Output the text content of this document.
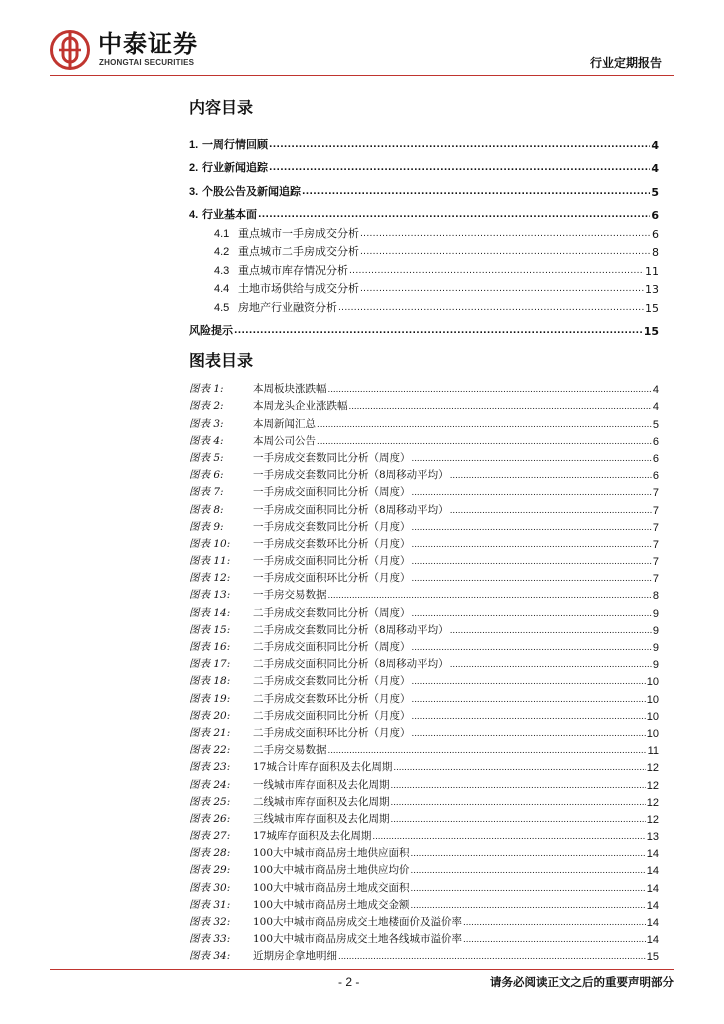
中泰证券
ZHONGTAI SECURITIES	行业定期报告
内容目录
1. 一周行情回顾 .....	4
2. 行业新闻追踪 .....	4
3. 个股公告及新闻追踪 .....	5
4. 行业基本面 .....	6
4.1 重点城市一手房成交分析 .....	6
4.2 重点城市二手房成交分析 .....	8
4.3 重点城市库存情况分析 .....	11
4.4 土地市场供给与成交分析 .....	13
4.5 房地产行业融资分析 .....	15
风险提示 .....	15
图表目录
图表 1:	本周板块涨跌幅 .....	4
图表 2:	本周龙头企业涨跌幅 .....	4
图表 3:	本周新闻汇总 .....	5
图表 4:	本周公司公告 .....	6
图表 5:	一手房成交套数同比分析（周度） .....	6
图表 6:	一手房成交套数同比分析（8周移动平均） .....	6
图表 7:	一手房成交面积同比分析（周度） .....	7
图表 8:	一手房成交面积同比分析（8周移动平均） .....	7
图表 9:	一手房成交套数同比分析（月度） .....	7
图表 10: 一手房成交套数环比分析（月度） .....	7
图表 11: 一手房成交面积同比分析（月度） .....	7
图表 12: 一手房成交面积环比分析（月度） .....	7
图表 13: 一手房交易数据 .....	8
图表 14: 二手房成交套数同比分析（周度） .....	9
图表 15: 二手房成交套数同比分析（8周移动平均） .....	9
图表 16: 二手房成交面积同比分析（周度） .....	9
图表 17: 二手房成交面积同比分析（8周移动平均） .....	9
图表 18: 二手房成交套数同比分析（月度） .....	10
图表 19: 二手房成交套数环比分析（月度） .....	10
图表 20: 二手房成交面积同比分析（月度） .....	10
图表 21: 二手房成交面积环比分析（月度） .....	10
图表 22: 二手房交易数据 .....	11
图表 23: 17城合计库存面积及去化周期 .....	12
图表 24: 一线城市库存面积及去化周期 .....	12
图表 25: 二线城市库存面积及去化周期 .....	12
图表 26: 三线城市库存面积及去化周期 .....	12
图表 27: 17城库存面积及去化周期 .....	13
图表 28: 100大中城市商品房土地供应面积 .....	14
图表 29: 100大中城市商品房土地供应均价 .....	14
图表 30: 100大中城市商品房土地成交面积 .....	14
图表 31: 100大中城市商品房土地成交金额 .....	14
图表 32: 100大中城市商品房成交土地楼面价及溢价率 .....	14
图表 33: 100大中城市商品房成交土地各线城市溢价率 .....	14
图表 34: 近期房企拿地明细 .....	15
- 2 -	请务必阅读正文之后的重要声明部分
